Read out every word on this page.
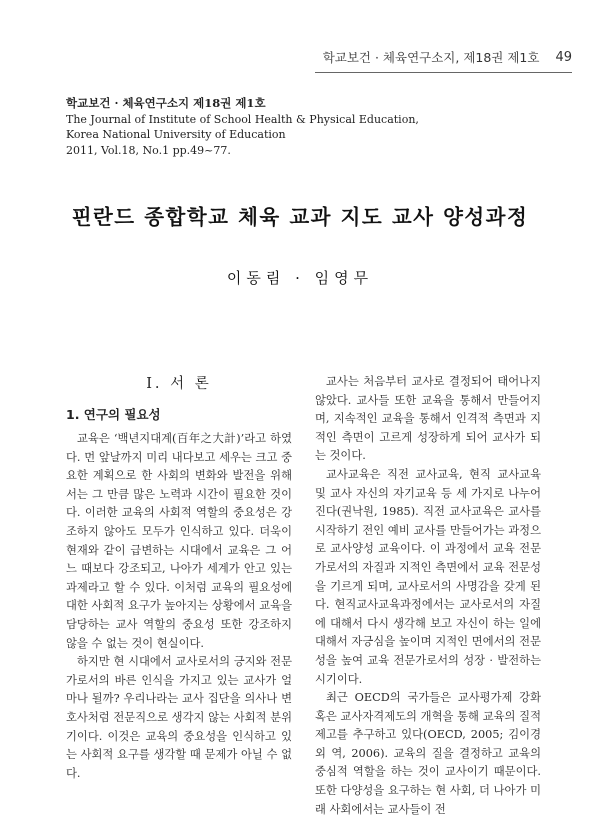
학교보건 · 체육연구소지, 제18권 제1호 49
학교보건 · 체육연구소지 제18권 제1호
The Journal of Institute of School Health & Physical Education,
Korea National University of Education
2011, Vol.18, No.1 pp.49~77.
핀란드 종합학교 체육 교과 지도 교사 양성과정
이동림 · 임영무
Ⅰ. 서 론
1. 연구의 필요성

교육은 ‘백년지대계(百年之大計)’라고 하였다. 먼 앞날까지 미리 내다보고 세우는 크고 중요한 계획으로 한 사회의 변화와 발전을 위해서는 그 만큼 많은 노력과 시간이 필요한 것이다. 이러한 교육의 사회적 역할의 중요성은 강조하지 않아도 모두가 인식하고 있다. 더욱이 현재와 같이 급변하는 시대에서 교육은 그 어느 때보다 강조되고, 나아가 세계가 안고 있는 과제라고 할 수 있다. 이처럼 교육의 필요성에 대한 사회적 요구가 높아지는 상황에서 교육을 담당하는 교사 역할의 중요성 또한 강조하지 않을 수 없는 것이 현실이다.

하지만 현 시대에서 교사로서의 긍지와 전문가로서의 바른 인식을 가지고 있는 교사가 얼마나 될까? 우리나라는 교사 집단을 의사나 변호사처럼 전문직으로 생각지 않는 사회적 분위기이다. 이것은 교육의 중요성을 인식하고 있는 사회적 요구를 생각할 때 문제가 아닐 수 없다.

교사는 처음부터 교사로 결정되어 태어나지 않았다. 교사들 또한 교육을 통해서 만들어지며, 지속적인 교육을 통해서 인격적 측면과 지적인 측면이 고르게 성장하게 되어 교사가 되는 것이다.

교사교육은 직전 교사교육, 현직 교사교육 및 교사 자신의 자기교육 등 세 가지로 나누어진다(권낙원, 1985). 직전 교사교육은 교사를 시작하기 전인 예비 교사를 만들어가는 과정으로 교사양성 교육이다. 이 과정에서 교육 전문가로서의 자질과 지적인 측면에서 교육 전문성을 기르게 되며, 교사로서의 사명감을 갖게 된다. 현직교사교육과정에서는 교사로서의 자질에 대해서 다시 생각해 보고 자신이 하는 일에 대해서 자긍심을 높이며 지적인 면에서의 전문성을 높여 교육 전문가로서의 성장 · 발전하는 시기이다.

최근 OECD의 국가들은 교사평가제 강화 혹은 교사자격제도의 개혁을 통해 교육의 질적 제고를 추구하고 있다(OECD, 2005; 김이경외 역, 2006). 교육의 질을 결정하고 교육의 중심적 역할을 하는 것이 교사이기 때문이다. 또한 다양성을 요구하는 현 사회, 더 나아가 미래 사회에서는 교사들이 전
